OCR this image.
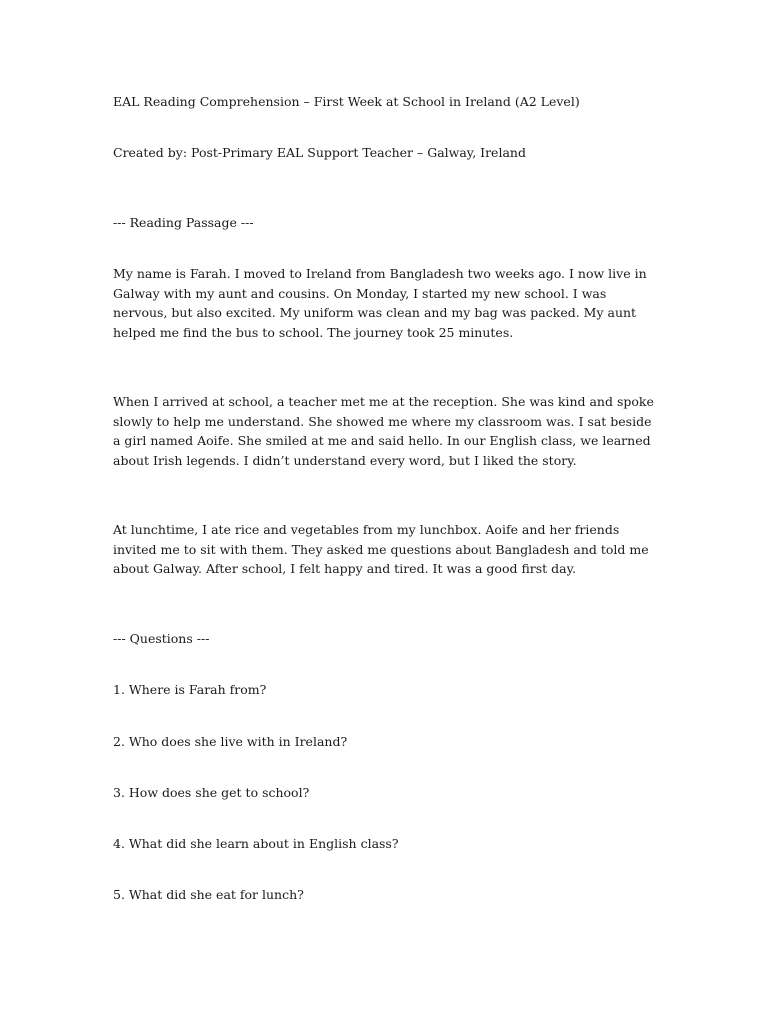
EAL Reading Comprehension – First Week at School in Ireland (A2 Level)

Created by: Post-Primary EAL Support Teacher – Galway, Ireland

--- Reading Passage ---

My name is Farah. I moved to Ireland from Bangladesh two weeks ago. I now live in Galway with my aunt and cousins. On Monday, I started my new school. I was nervous, but also excited. My uniform was clean and my bag was packed. My aunt helped me find the bus to school. The journey took 25 minutes.

When I arrived at school, a teacher met me at the reception. She was kind and spoke slowly to help me understand. She showed me where my classroom was. I sat beside a girl named Aoife. She smiled at me and said hello. In our English class, we learned about Irish legends. I didn’t understand every word, but I liked the story.

At lunchtime, I ate rice and vegetables from my lunchbox. Aoife and her friends invited me to sit with them. They asked me questions about Bangladesh and told me about Galway. After school, I felt happy and tired. It was a good first day.

--- Questions ---

1. Where is Farah from?

2. Who does she live with in Ireland?

3. How does she get to school?

4. What did she learn about in English class?

5. What did she eat for lunch?
